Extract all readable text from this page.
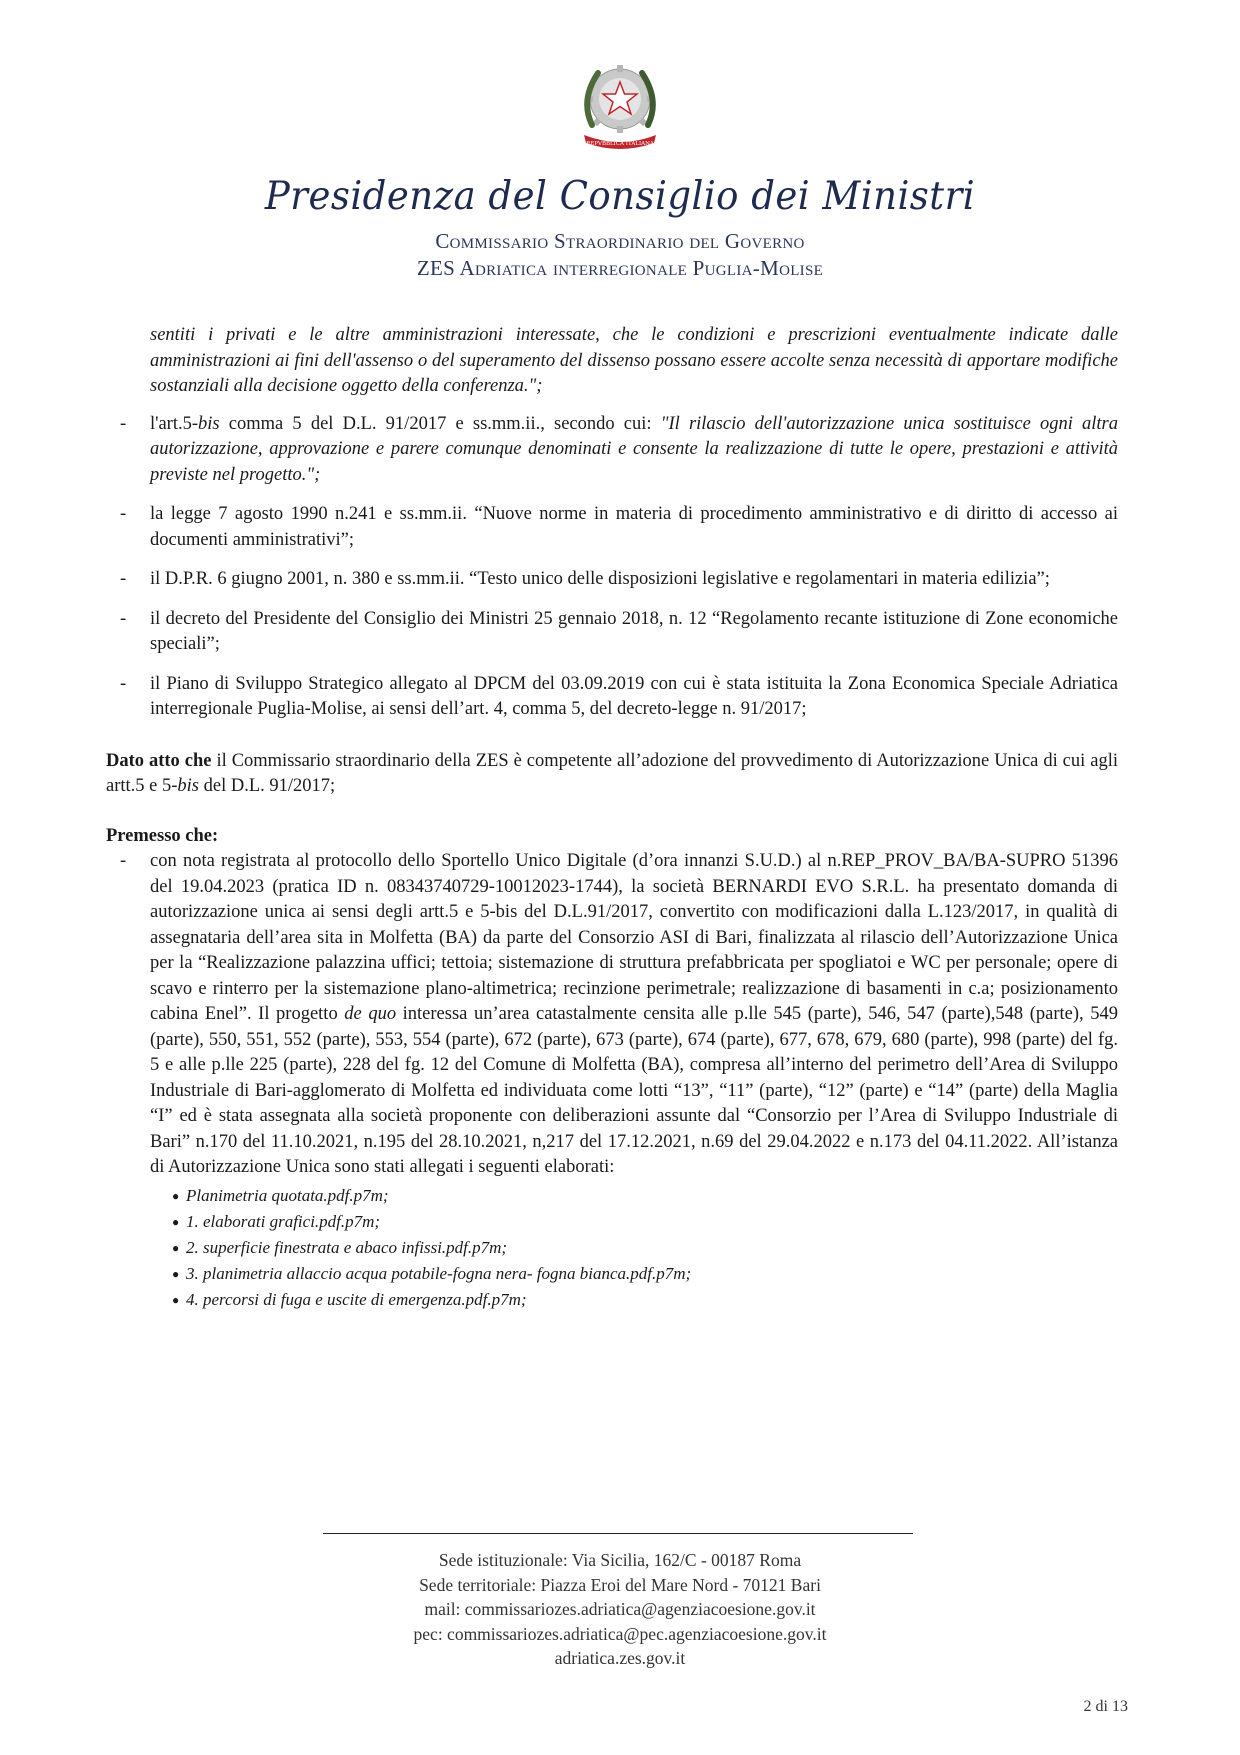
REPVBBLICA ITALIANA
Presidenza del Consiglio dei Ministri
Commissario Straordinario del Governo
ZES Adriatica interregionale Puglia-Molise
sentiti i privati e le altre amministrazioni interessate, che le condizioni e prescrizioni eventualmente indicate dalle amministrazioni ai fini dell'assenso o del superamento del dissenso possano essere accolte senza necessità di apportare modifiche sostanziali alla decisione oggetto della conferenza.";
- l'art.5-bis comma 5 del D.L. 91/2017 e ss.mm.ii., secondo cui: "Il rilascio dell'autorizzazione unica sostituisce ogni altra autorizzazione, approvazione e parere comunque denominati e consente la realizzazione di tutte le opere, prestazioni e attività previste nel progetto.";
- la legge 7 agosto 1990 n.241 e ss.mm.ii. “Nuove norme in materia di procedimento amministrativo e di diritto di accesso ai documenti amministrativi”;
- il D.P.R. 6 giugno 2001, n. 380 e ss.mm.ii. “Testo unico delle disposizioni legislative e regolamentari in materia edilizia”;
- il decreto del Presidente del Consiglio dei Ministri 25 gennaio 2018, n. 12 “Regolamento recante istituzione di Zone economiche speciali”;
- il Piano di Sviluppo Strategico allegato al DPCM del 03.09.2019 con cui è stata istituita la Zona Economica Speciale Adriatica interregionale Puglia-Molise, ai sensi dell’art. 4, comma 5, del decreto-legge n. 91/2017;
Dato atto che il Commissario straordinario della ZES è competente all’adozione del provvedimento di Autorizzazione Unica di cui agli artt.5 e 5-bis del D.L. 91/2017;
Premesso che:
- con nota registrata al protocollo dello Sportello Unico Digitale (d’ora innanzi S.U.D.) al n.REP_PROV_BA/BA-SUPRO 51396 del 19.04.2023 (pratica ID n. 08343740729-10012023-1744), la società BERNARDI EVO S.R.L. ha presentato domanda di autorizzazione unica ai sensi degli artt.5 e 5-bis del D.L.91/2017, convertito con modificazioni dalla L.123/2017, in qualità di assegnataria dell’area sita in Molfetta (BA) da parte del Consorzio ASI di Bari, finalizzata al rilascio dell’Autorizzazione Unica per la “Realizzazione palazzina uffici; tettoia; sistemazione di struttura prefabbricata per spogliatoi e WC per personale; opere di scavo e rinterro per la sistemazione plano-altimetrica; recinzione perimetrale; realizzazione di basamenti in c.a; posizionamento cabina Enel”. Il progetto de quo interessa un’area catastalmente censita alle p.lle 545 (parte), 546, 547 (parte),548 (parte), 549 (parte), 550, 551, 552 (parte), 553, 554 (parte), 672 (parte), 673 (parte), 674 (parte), 677, 678, 679, 680 (parte), 998 (parte) del fg. 5 e alle p.lle 225 (parte), 228 del fg. 12 del Comune di Molfetta (BA), compresa all’interno del perimetro dell’Area di Sviluppo Industriale di Bari-agglomerato di Molfetta ed individuata come lotti “13”, “11” (parte), “12” (parte) e “14” (parte) della Maglia “I” ed è stata assegnata alla società proponente con deliberazioni assunte dal “Consorzio per l’Area di Sviluppo Industriale di Bari” n.170 del 11.10.2021, n.195 del 28.10.2021, n,217 del 17.12.2021, n.69 del 29.04.2022 e n.173 del 04.11.2022. All’istanza di Autorizzazione Unica sono stati allegati i seguenti elaborati:
● Planimetria quotata.pdf.p7m;
● 1. elaborati grafici.pdf.p7m;
● 2. superficie finestrata e abaco infissi.pdf.p7m;
● 3. planimetria allaccio acqua potabile-fogna nera- fogna bianca.pdf.p7m;
● 4. percorsi di fuga e uscite di emergenza.pdf.p7m;
Sede istituzionale: Via Sicilia, 162/C - 00187 Roma
Sede territoriale: Piazza Eroi del Mare Nord - 70121 Bari
mail: commissariozes.adriatica@agenziacoesione.gov.it
pec: commissariozes.adriatica@pec.agenziacoesione.gov.it
adriatica.zes.gov.it
2 di 13
